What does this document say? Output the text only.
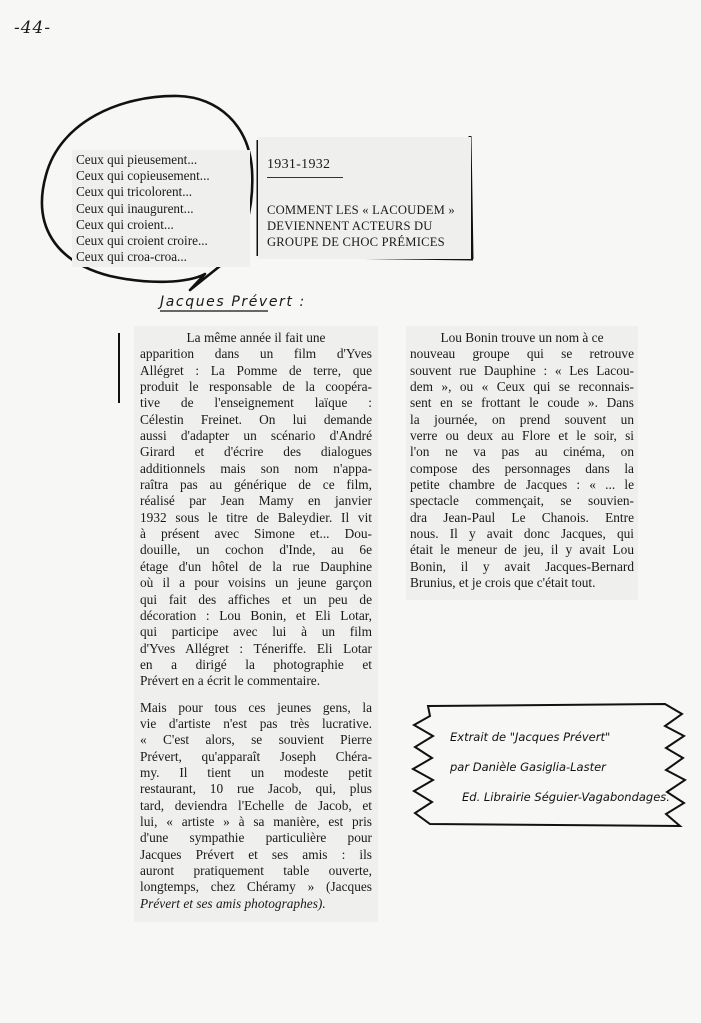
-44-
Ceux qui pieusement...
Ceux qui copieusement...
Ceux qui tricolorent...
Ceux qui inaugurent...
Ceux qui croient...
Ceux qui croient croire...
Ceux qui croa-croa...
1931-1932
COMMENT LES « LACOUDEM »
DEVIENNENT ACTEURS DU
GROUPE DE CHOC PRÉMICES
Jacques Prévert :
La même année il fait une
apparition dans un film d'Yves
Allégret : La Pomme de terre, que
produit le responsable de la coopéra-
tive de l'enseignement laïque :
Célestin Freinet. On lui demande
aussi d'adapter un scénario d'André
Girard et d'écrire des dialogues
additionnels mais son nom n'appa-
raîtra pas au générique de ce film,
réalisé par Jean Mamy en janvier
1932 sous le titre de Baleydier. Il vit
à présent avec Simone et... Dou-
douille, un cochon d'Inde, au 6e
étage d'un hôtel de la rue Dauphine
où il a pour voisins un jeune garçon
qui fait des affiches et un peu de
décoration : Lou Bonin, et Eli Lotar,
qui participe avec lui à un film
d'Yves Allégret : Téneriffe. Eli Lotar
en a dirigé la photographie et
Prévert en a écrit le commentaire.
Mais pour tous ces jeunes gens, la
vie d'artiste n'est pas très lucrative.
« C'est alors, se souvient Pierre
Prévert, qu'apparaît Joseph Chéra-
my. Il tient un modeste petit
restaurant, 10 rue Jacob, qui, plus
tard, deviendra l'Echelle de Jacob, et
lui, « artiste » à sa manière, est pris
d'une sympathie particulière pour
Jacques Prévert et ses amis : ils
auront pratiquement table ouverte,
longtemps, chez Chéramy » (Jacques
Prévert et ses amis photographes).
Lou Bonin trouve un nom à ce
nouveau groupe qui se retrouve
souvent rue Dauphine : « Les Lacou-
dem », ou « Ceux qui se reconnais-
sent en se frottant le coude ». Dans
la journée, on prend souvent un
verre ou deux au Flore et le soir, si
l'on ne va pas au cinéma, on
compose des personnages dans la
petite chambre de Jacques : « ... le
spectacle commençait, se souvien-
dra Jean-Paul Le Chanois. Entre
nous. Il y avait donc Jacques, qui
était le meneur de jeu, il y avait Lou
Bonin, il y avait Jacques-Bernard
Brunius, et je crois que c'était tout.
Extrait de "Jacques Prévert"
par Danièle Gasiglia-Laster
Ed. Librairie Séguier-Vagabondages.
